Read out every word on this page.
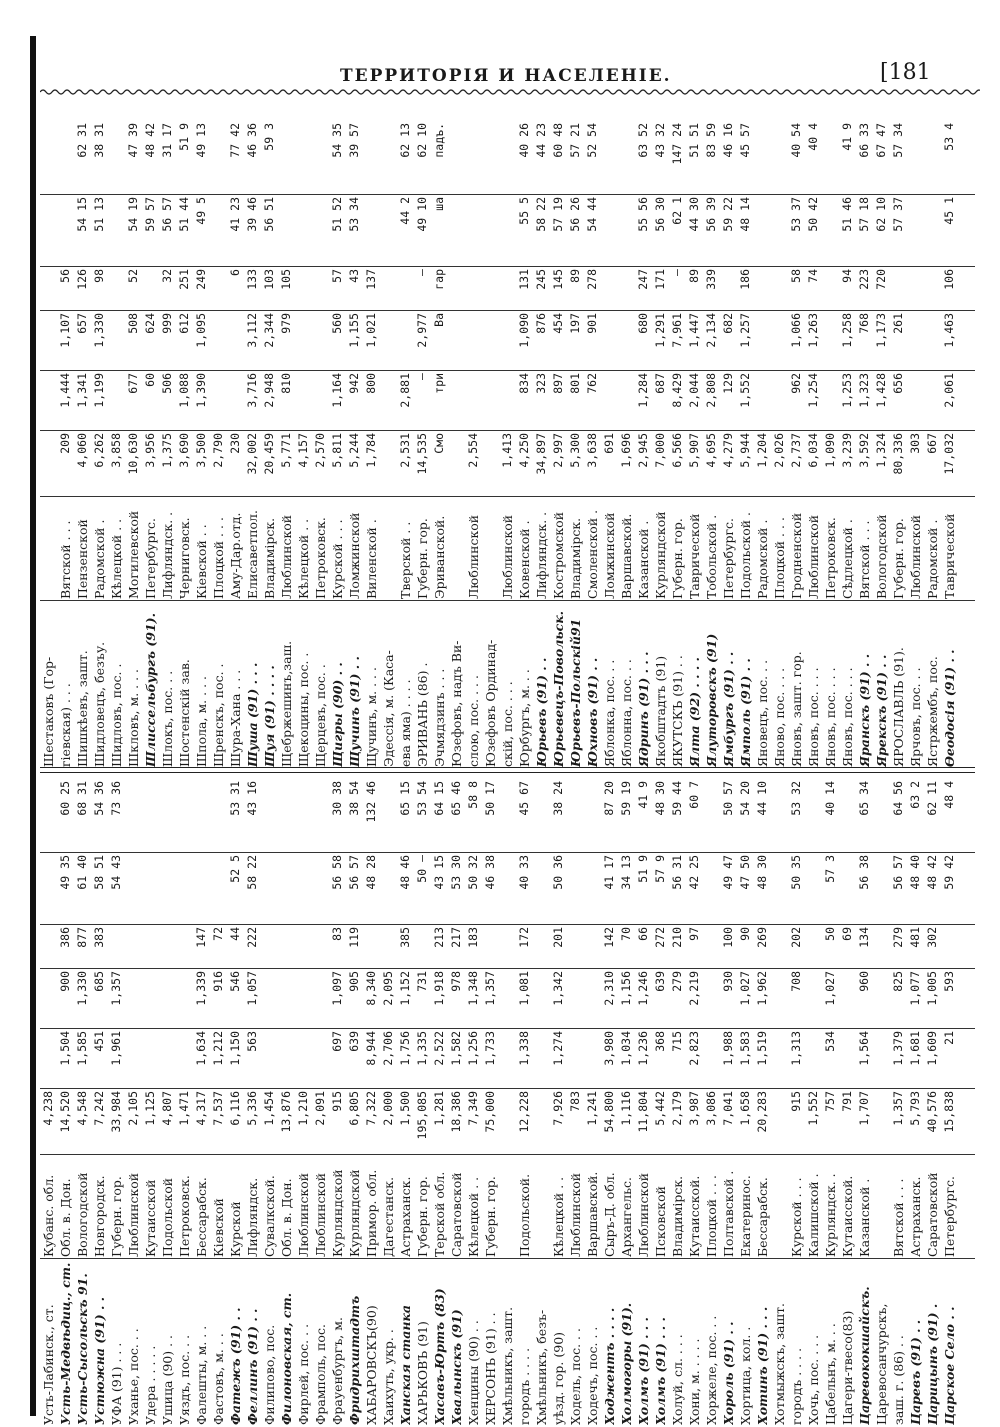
ТЕРРИТОРІЯ И НАСЕЛЕНІЕ.	[181
Усть-Лабинск., ст.
Кубанс. обл.
4,238
Усть-Медвѣдиц., ст.
Обл. в. Дон.
14,520
1,504
900
386
49 35
60 25
Усть-Сысольскъ 91.
Вологодской
4,548
1,585
1,330
877
61 40
68 31
Устюжна (91) . .
Новгородск.
7,242
451
685
383
58 51
54 36
УФА (91) . . .
Губерн. гор.
33,984
1,961
1,357
54 43
73 36
Уханье, пос. . .
Люблинской
2,105
Удера . . . . .
Кутаисской
1,125
Ушица (90) . .
Подольской
4,807
Уяздъ, пос. . .
Петроковск.
1,471
Фалешты, м. . .
Бессарабск.
4,317
1,634
1,339
147
Фастовъ, м. . .
Кіевской
7,537
1,212
916
72
Фатежъ (91) . .
Курской
6,116
1,150
546
44
52 5
53 31
Феллинъ (91) . .
Лифляндск.
5,336
563
1,057
222
58 22
43 16
Филипово, пос.
Сувалкской.
1,454
Филоновская, ст.
Обл. в. Дон.
13,876
Фирлей, пос. . .
Люблинской
1,210
Фрамполь, пос.
Люблинской
2,091
Фрауенбургъ, м.
Курляндской
915
697
1,097
83
56 58
30 38
Фридрихштадтъ
Курляндской
6,805
639
905
119
56 57
38 54
ХАБАРОВСКЪ(90)
Примор. обл.
7,322
8,944
8,340
48 28
132 46
Хаихуть, укр. .
Дагестанск.
2,000
2,706
2,095
Ханская станка
Астраханск.
1,500
1,756
1,152
385
48 46
65 15
ХАРЬКОВЪ (91)
Губерн. гор.
195,085
1,335
731
50 —
53 54
Хасавъ-Юртъ (83)
Терской обл.
1,281
2,522
1,918
213
43 15
64 15
Хвалынскъ (91)
Саратовской
18,386
1,582
978
217
53 30
65 46
Хенцины (90) . .
Кѣлецкой . .
7,349
1,256
1,348
183
50 32
58 8
ХЕРСОНЪ (91) . .
Губерн. гор.
75,000
1,733
1,357
46 38
50 17
Хмѣльникъ, зашт. городъ . . . .
Подольской.
12,228
1,338
1,081
172
40 33
45 67
Хмѣльникъ, безъ- уѣзд. гор. (90)
Кѣлецкой . .
7,926
1,274
1,342
201
50 36
38 24
Ходель, пос. . .
Люблинской
783
Ходечъ, пос. . .
Варшавской.
1,241
Ходжентъ . . . .
Сыръ-Д. обл.
54,800
3,980
2,310
142
41 17
87 20
Холмогоры (91).
Архангельс.
1,116
1,034
1,156
70
34 13
59 19
Холмъ (91) . . .
Люблинской
11,804
1,236
1,246
66
51 9
41 9
Холмъ (91) . . .
Псковской
5,442
368
639
272
57 9
48 30
Холуй, сл. . . .
Владимірск.
2,179
715
279
210
56 31
59 44
Хони, м. . . . .
Кутаисской.
3,987
2,823
2,219
97
42 25
60 7
Хоржеле, пос. . .
Плоцкой . . .
3,086
Хороль (91) . .
Полтавской .
7,041
1,988
930
100
49 47
50 57
Хортица, кол. .
Екатеринос.
1,658
1,583
1,027
90
47 50
54 20
Хотинъ (91) . . .
Бессарабск.
20,283
1,519
1,962
269
48 30
44 10
Хотмыжскъ, зашт. городъ . . . .
Курской . . .
915
1,313
708
202
50 35
53 32
Хочь, пос. . . .
Калишской .
1,552
Цабельнъ, м. . .
Курляндск. .
757
534
1,027
50
57 3
40 14
Цагери-твесо(83)
Кутаисской.
791
69
Царевококшайскъ.
Казанской .
1,707
1,564
960
134
56 38
65 34
Царевосанчурскъ, заш. г. (86) . .
Вятской . . .
1,357
1,379
825
279
56 57
64 56
Царевъ (91) . .
Астраханск.
5,793
1,681
1,077
481
48 40
63 2
Царицынъ (91) .
Саратовской
40,576
1,609
1,005
302
48 42
62 11
Царское Село . .
Петербургс.
15,838
21
593
59 42
48 4
Шестаковъ (Гор- гіевская) . . .
Вятской . . .
209
1,444
1,107
56
Шишкѣевъ, зашт.
Пензенской
4,060
1,341
657
126
54 15
62 31
Шидловецъ, безъу.
Радомской .
6,262
1,199
1,330
98
51 13
38 31
Шидловъ, пос. .
Кѣлецкой . .
3,858
Шкловъ, м. . . .
Могилевской
10,630
677
508
52
54 19
47 39
Шлиссельбургъ (91).
Петербургс.
3,956
60
624
59 57
48 42
Шлокъ, пос. . .
Лифляндск. .
1,375
506
999
32
56 57
31 17
Шостенскій зав.
Черниговск.
3,690
1,088
612
251
51 44
51 9
Шпола, м. . . .
Кіевской . .
3,500
1,390
1,095
249
49 5
49 13
Шренскъ, пос. .
Плоцкой . . .
2,790
Шура-Хана . . .
Аму-Дар.отд.
230
6
41 23
77 42
Шуша (91) . . .
Елисаветпол.
32,002
3,716
3,112
133
39 46
46 36
Шуя (91) . . . .
Владимірск.
20,459
2,948
2,344
103
56 51
59 3
Щебржешинъ,заш.
Люблинской
5,771
810
979
105
Щекоцины, пос. .
Кѣлецкой . .
4,157
Щерцевъ, пос. .
Петроковск.
2,570
Щигры (90) . .
Курской . . .
5,811
1,164
560
57
51 52
54 35
Щучинъ (91) . .
Ломжинской
5,244
942
1,155
43
53 34
39 57
Щучинъ, м. . . .
Виленской .
1,784
800
1,021
137
Эдессія, м. (Каса- ева яма) . . . .
Тверской . .
2,531
2,881
44 2
62 13
ЭРИВАНЬ (86) .
Губерн. гор.
14,535
—
2,977
—
49 10
62 10
Эчмядзинъ . . .
Эриванской.
Смо
три
Ва
гар
ша
падъ.
Юзефовъ, надъ Ви- слою, пос. . . .
Люблинской
2,554
Юзефовъ Ординад- скій, пос. . . .
Люблинской
1,413
Юрбургъ, м. . .
Ковенской .
4,250
834
1,090
131
55 5
40 26
Юрьевъ (91) . .
Лифляндск. .
34,897
323
876
245
58 22
44 23
Юрьевецъ-Повольск.
Костромской
2,997
897
454
145
57 19
60 48
Юрьевъ-Польскій91
Владимірск.
5,300
801
197
89
56 26
57 21
Юхновъ (91) . .
Смоленской .
3,638
762
901
278
54 44
52 54
Яблонка, пос. . .
Ломжинской
691
Яблонна, пос. . .
Варшавской.
1,696
Ядринъ (91) . . .
Казанской .
2,945
1,284
680
247
55 56
63 52
Якобштадтъ (91)
Курляндской
7,000
687
1,291
171
56 30
43 32
ЯКУТСКЪ (91) . .
Губерн. гор.
6,566
8,429
7,961
—
62 1
147 24
Ялта (92) . . . .
Таврической
5,907
2,044
1,447
89
44 30
51 51
Ялуторовскъ (91)
Тобольской .
4,695
2,808
2,134
339
56 39
83 59
Ямбургъ (91) . .
Петербургс.
4,279
129
682
59 22
46 16
Ямполь (91) . .
Подольской .
5,944
1,552
1,257
186
48 14
45 57
Яновецъ, пос. . .
Радомской .
1,204
Яново, пос. . . .
Плоцкой . . .
2,026
Яновъ, зашт. гор.
Гродненской
2,737
962
1,066
58
53 37
40 54
Яновъ, пос. . . .
Люблинской
6,034
1,254
1,263
74
50 42
40 4
Яновъ, пос. . . .
Петроковск.
1,090
Яновъ, пос. . . .
Сѣдлецкой .
3,239
1,253
1,258
94
51 46
41 9
Яранскъ (91) . .
Вятской . . .
3,592
1,323
768
223
57 18
66 33
Ярекскъ (91) . .
Вологодской
1,324
1,428
1,173
720
62 10
67 47
ЯРОСЛАВЛЬ (91).
Губерн. гор.
80,336
656
261
57 37
57 34
Ярчовъ, пос. . .
Люблинской
303
Ястржембъ, пос.
Радомской .
667
Ѳеодосія (91) . .
Таврической
17,032
2,061
1,463
106
45 1
53 4
